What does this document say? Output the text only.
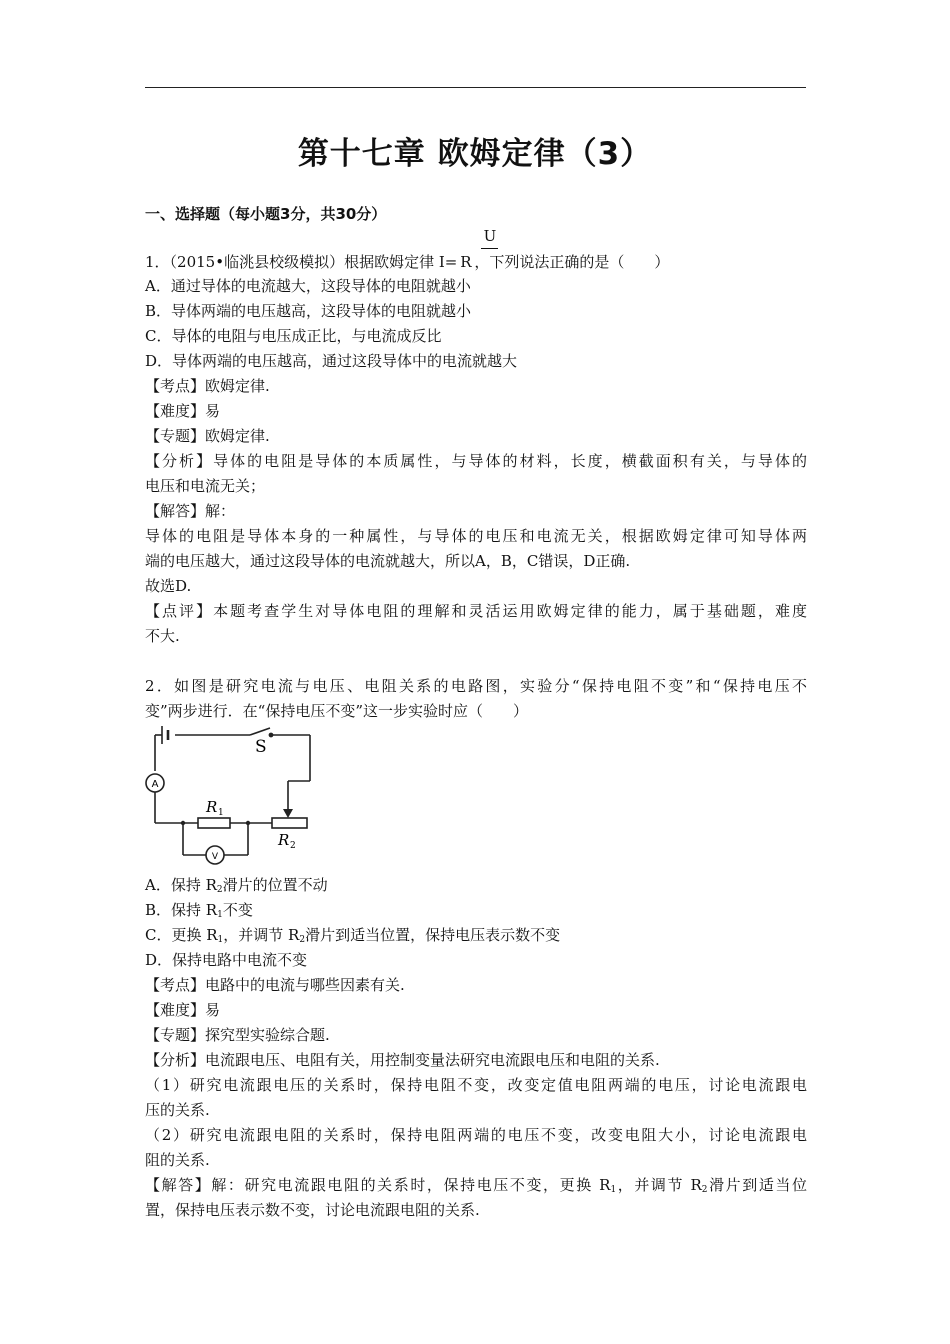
第十七章 欧姆定律（3）
一、选择题（每小题3分，共30分）
U
1．（2015•临洮县校级模拟）根据欧姆定律 I= R ，下列说法正确的是（　　）
A．通过导体的电流越大，这段导体的电阻就越小
B．导体两端的电压越高，这段导体的电阻就越小
C．导体的电阻与电压成正比，与电流成反比
D．导体两端的电压越高，通过这段导体中的电流就越大
【考点】欧姆定律.
【难度】易
【专题】欧姆定律.
【分析】导体的电阻是导体的本质属性，与导体的材料，长度，横截面积有关，与导体的
电压和电流无关；
【解答】解：
导体的电阻是导体本身的一种属性，与导体的电压和电流无关，根据欧姆定律可知导体两
端的电压越大，通过这段导体的电流就越大，所以A，B，C错误，D正确.
故选D.
【点评】本题考查学生对导体电阻的理解和灵活运用欧姆定律的能力，属于基础题，难度
不大.
2．如图是研究电流与电压、电阻关系的电路图，实验分“保持电阻不变”和“保持电压不
变”两步进行．在“保持电压不变”这一步实验时应（　　）
S
A
V
R 1
R 2
A．保持 $R_2$滑片的位置不动
B．保持 $R_1$不变
C．更换 $R_1$，并调节 $R_2$滑片到适当位置，保持电压表示数不变
D．保持电路中电流不变
【考点】电路中的电流与哪些因素有关.
【难度】易
【专题】探究型实验综合题.
【分析】电流跟电压、电阻有关，用控制变量法研究电流跟电压和电阻的关系.
（1）研究电流跟电压的关系时，保持电阻不变，改变定值电阻两端的电压，讨论电流跟电
压的关系.
（2）研究电流跟电阻的关系时，保持电阻两端的电压不变，改变电阻大小，讨论电流跟电
阻的关系.
【解答】解：研究电流跟电阻的关系时，保持电压不变，更换 $R_1$，并调节 $R_2$滑片到适当位
置，保持电压表示数不变，讨论电流跟电阻的关系.
